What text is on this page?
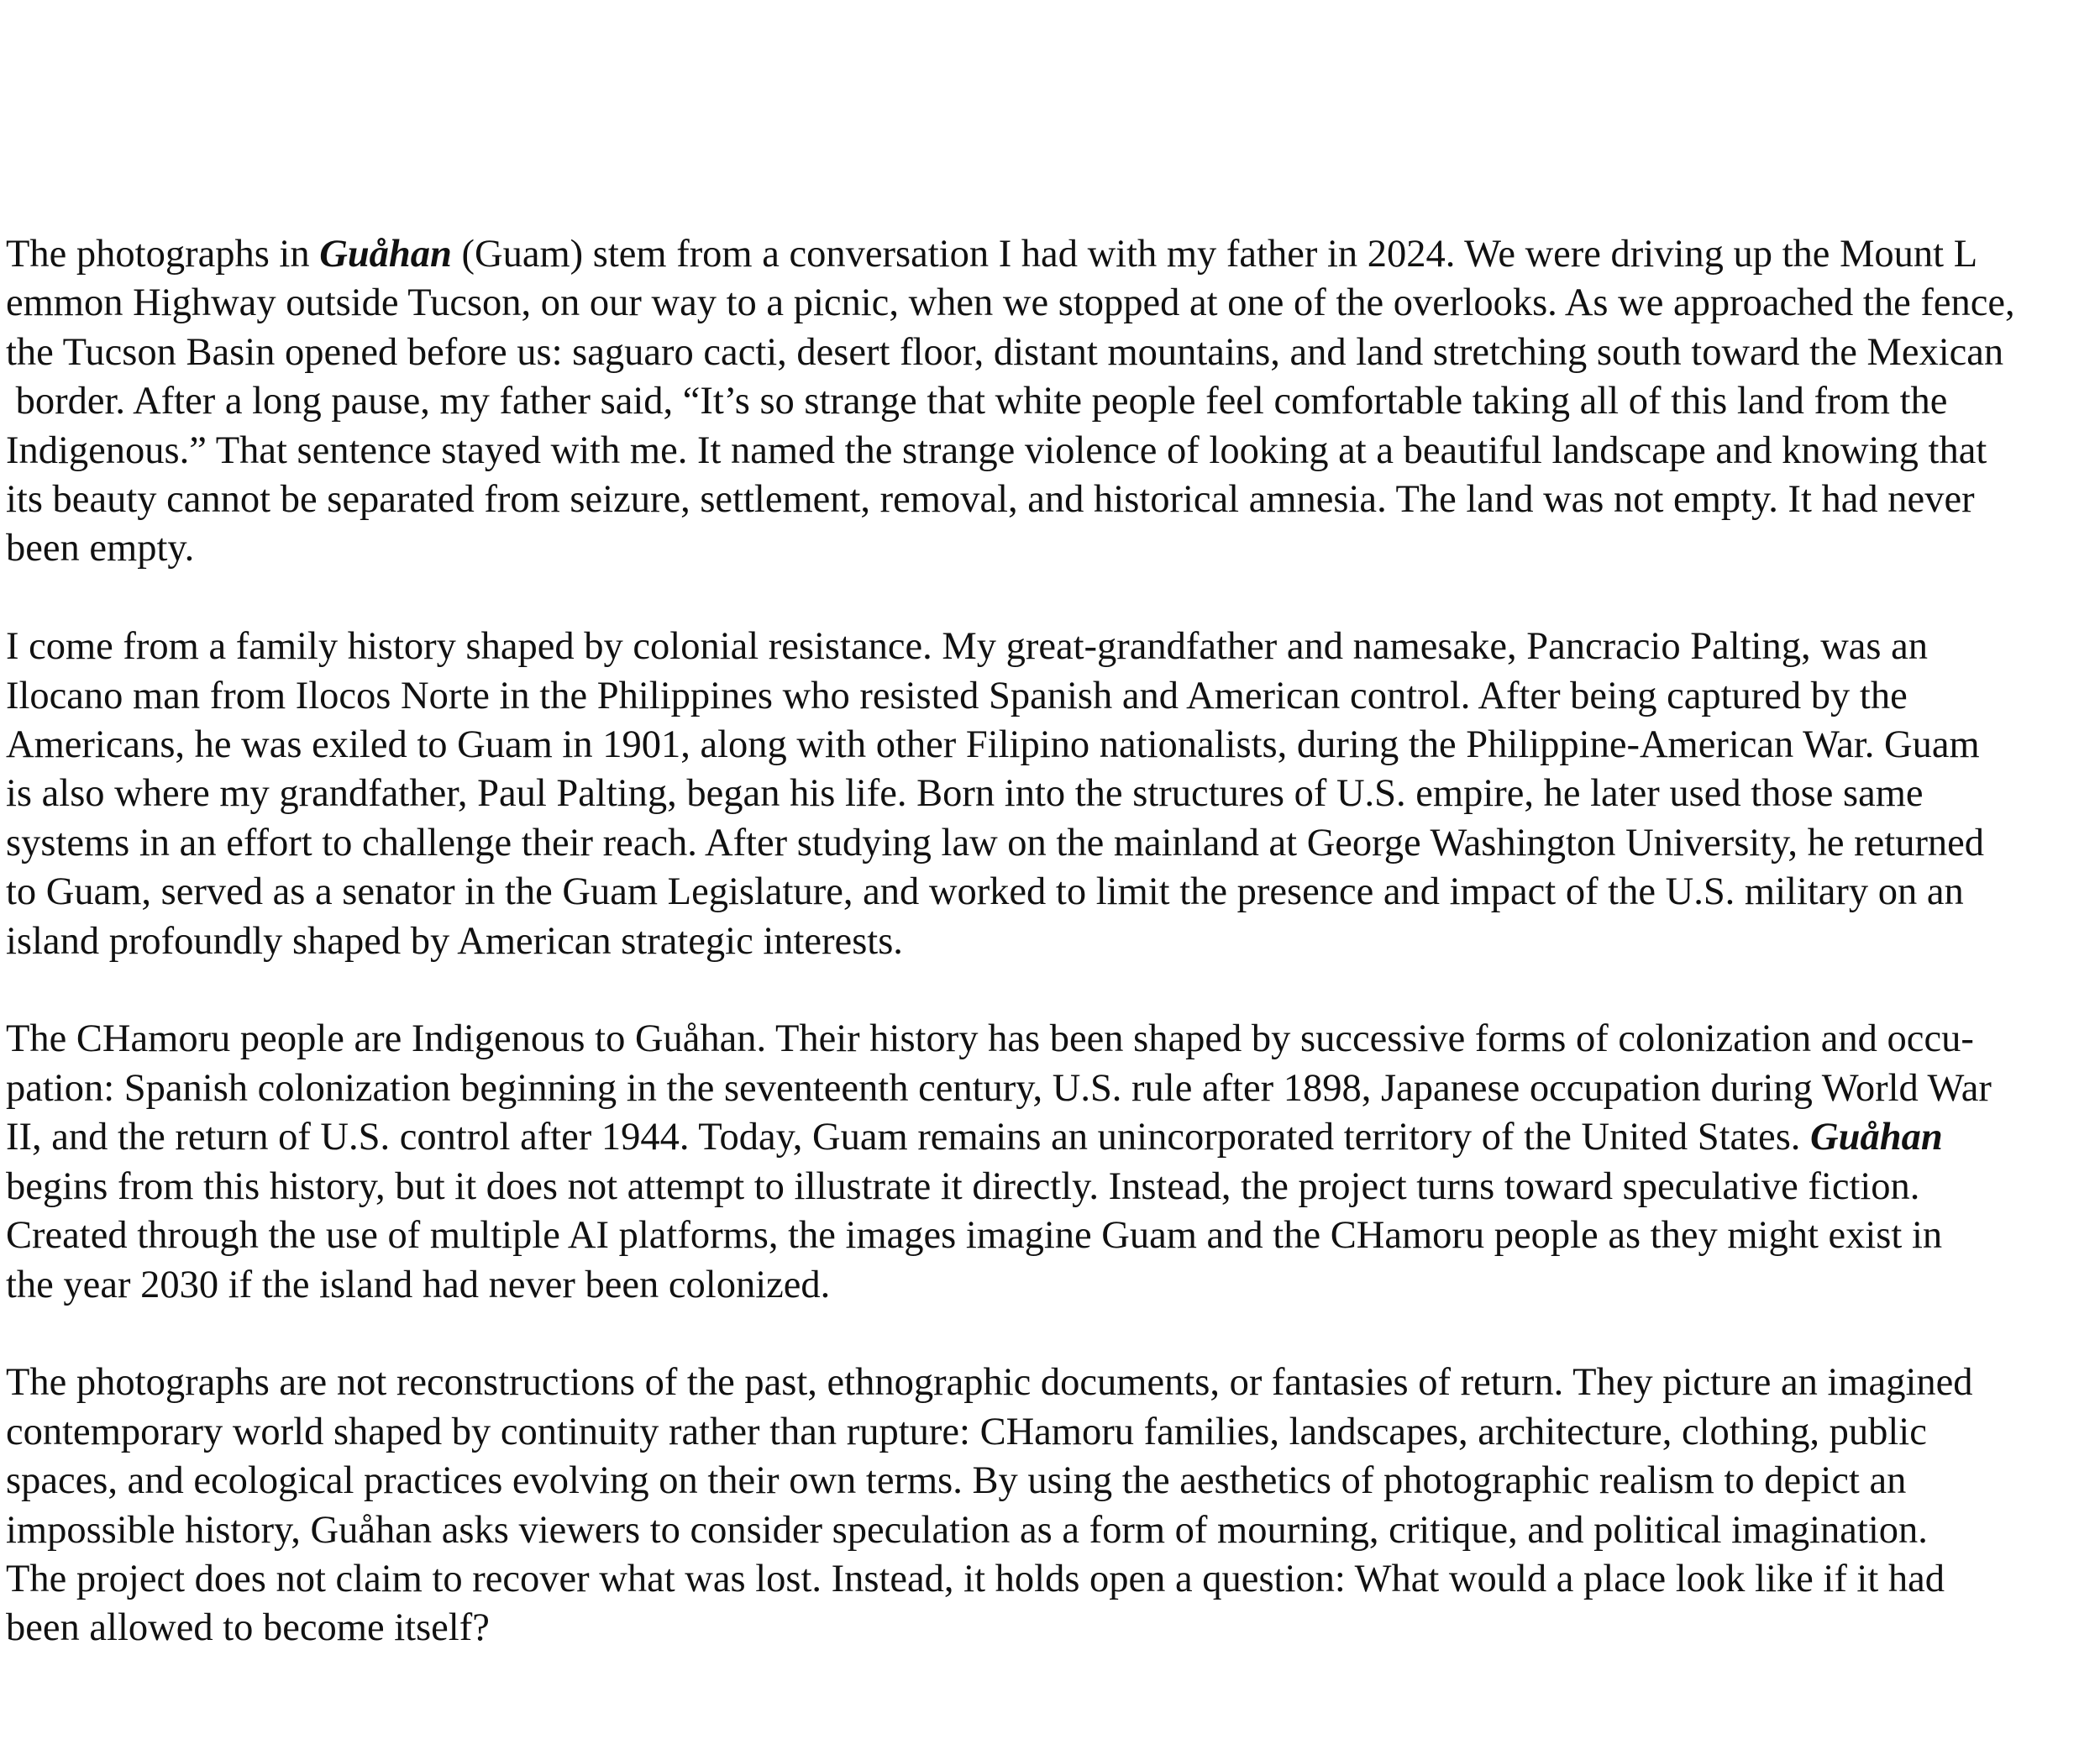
The photographs in Guåhan (Guam) stem from a conversation I had with my father in 2024. We were driving up the Mount L
emmon Highway outside Tucson, on our way to a picnic, when we stopped at one of the overlooks. As we approached the fence,
the Tucson Basin opened before us: saguaro cacti, desert floor, distant mountains, and land stretching south toward the Mexican
border. After a long pause, my father said, “It’s so strange that white people feel comfortable taking all of this land from the
Indigenous.” That sentence stayed with me. It named the strange violence of looking at a beautiful landscape and knowing that
its beauty cannot be separated from seizure, settlement, removal, and historical amnesia. The land was not empty. It had never
been empty.

I come from a family history shaped by colonial resistance. My great-grandfather and namesake, Pancracio Palting, was an
Ilocano man from Ilocos Norte in the Philippines who resisted Spanish and American control. After being captured by the
Americans, he was exiled to Guam in 1901, along with other Filipino nationalists, during the Philippine-American War. Guam
is also where my grandfather, Paul Palting, began his life. Born into the structures of U.S. empire, he later used those same
systems in an effort to challenge their reach. After studying law on the mainland at George Washington University, he returned
to Guam, served as a senator in the Guam Legislature, and worked to limit the presence and impact of the U.S. military on an
island profoundly shaped by American strategic interests.

The CHamoru people are Indigenous to Guåhan. Their history has been shaped by successive forms of colonization and occu-
pation: Spanish colonization beginning in the seventeenth century, U.S. rule after 1898, Japanese occupation during World War
II, and the return of U.S. control after 1944. Today, Guam remains an unincorporated territory of the United States. Guåhan
begins from this history, but it does not attempt to illustrate it directly. Instead, the project turns toward speculative fiction.
Created through the use of multiple AI platforms, the images imagine Guam and the CHamoru people as they might exist in
the year 2030 if the island had never been colonized.

The photographs are not reconstructions of the past, ethnographic documents, or fantasies of return. They picture an imagined
contemporary world shaped by continuity rather than rupture: CHamoru families, landscapes, architecture, clothing, public
spaces, and ecological practices evolving on their own terms. By using the aesthetics of photographic realism to depict an
impossible history, Guåhan asks viewers to consider speculation as a form of mourning, critique, and political imagination.
The project does not claim to recover what was lost. Instead, it holds open a question: What would a place look like if it had
been allowed to become itself?
